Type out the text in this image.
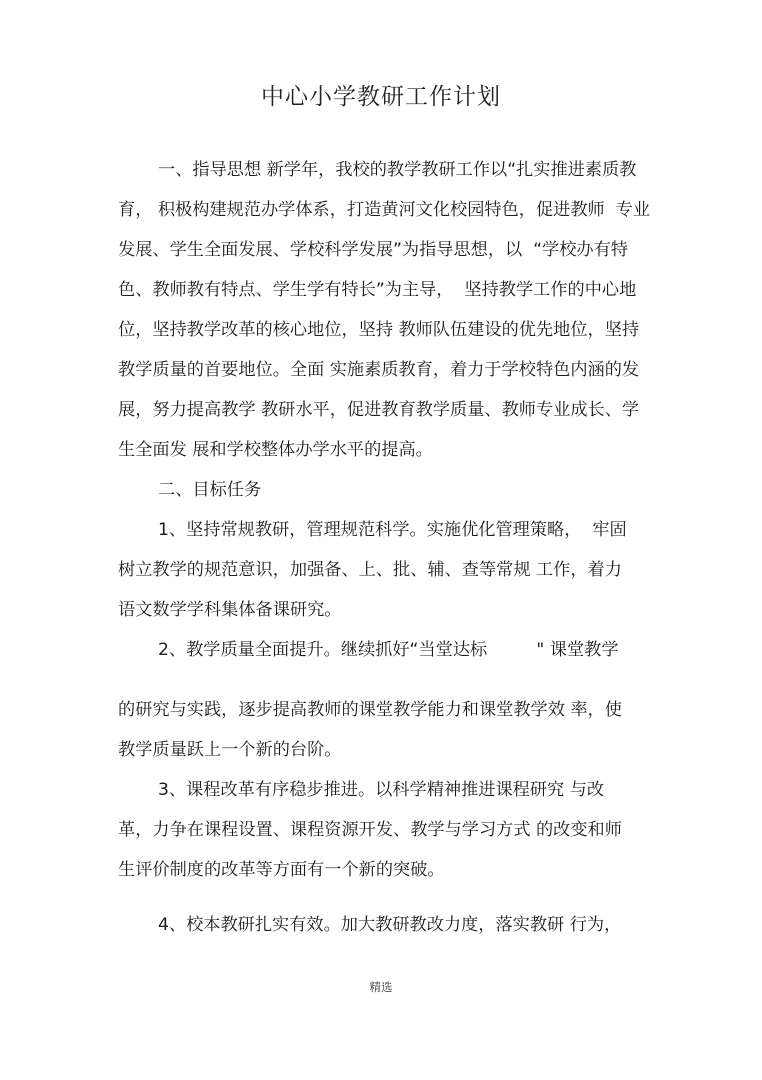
中心小学教研工作计划
一、指导思想 新学年，我校的教学教研工作以“扎实推进素质教
育， 积极构建规范办学体系，打造黄河文化校园特色，促进教师  专业
发展、学生全面发展、学校科学发展”为指导思想，以  “学校办有特
色、教师教有特点、学生学有特长”为主导，  坚持教学工作的中心地
位，坚持教学改革的核心地位，坚持 教师队伍建设的优先地位，坚持
教学质量的首要地位。全面 实施素质教育，着力于学校特色内涵的发
展，努力提高教学 教研水平，促进教育教学质量、教师专业成长、学
生全面发 展和学校整体办学水平的提高。
二、目标任务
1、坚持常规教研，管理规范科学。实施优化管理策略，  牢固
树立教学的规范意识，加强备、上、批、辅、查等常规 工作，着力
语文数学学科集体备课研究。
2、教学质量全面提升。继续抓好“当堂达标         " 课堂教学
的研究与实践，逐步提高教师的课堂教学能力和课堂教学效 率，使
教学质量跃上一个新的台阶。
3、课程改革有序稳步推进。以科学精神推进课程研究 与改
革，力争在课程设置、课程资源开发、教学与学习方式 的改变和师
生评价制度的改革等方面有一个新的突破。
4、校本教研扎实有效。加大教研教改力度，落实教研 行为，
精选
